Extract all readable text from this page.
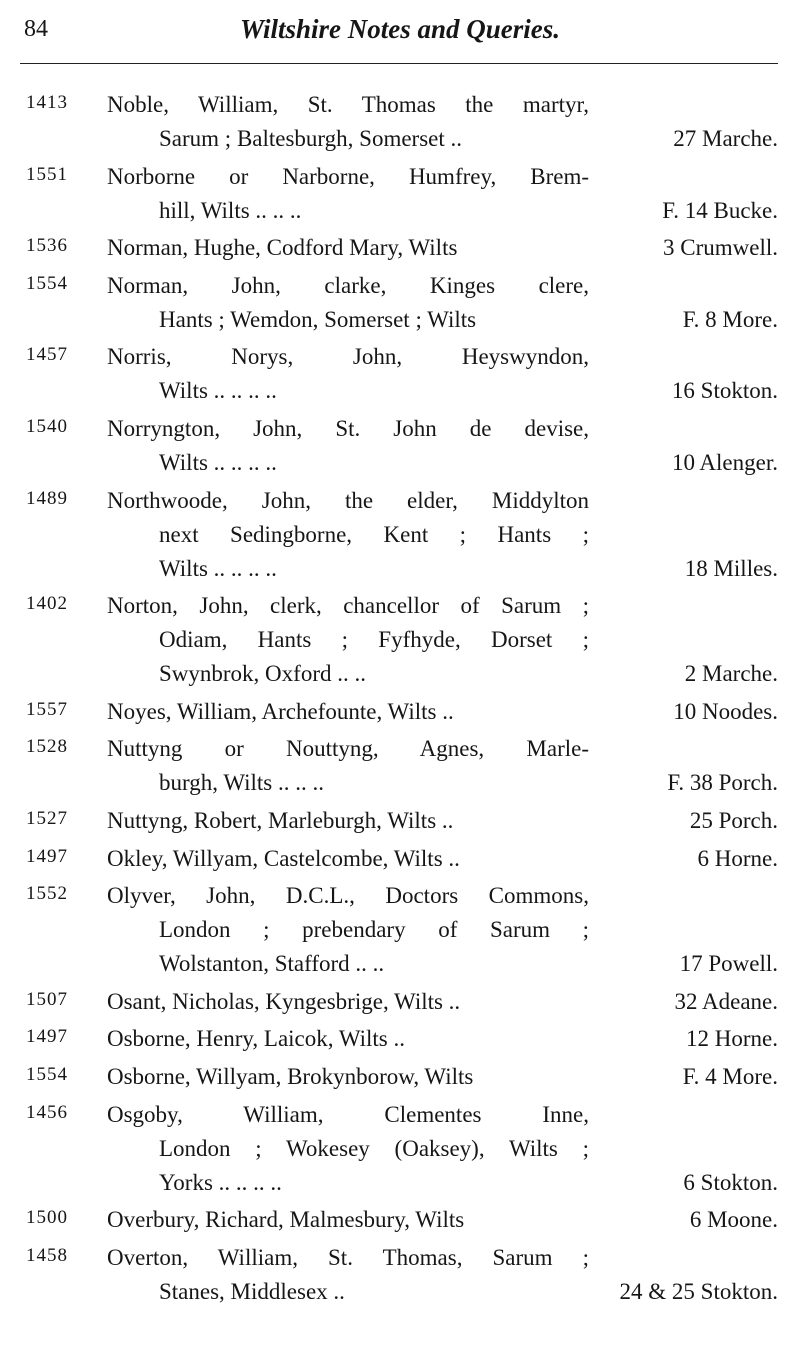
84	Wiltshire Notes and Queries.
1413 Noble, William, St. Thomas the martyr,
Sarum ; Baltesburgh, Somerset ..	27 Marche.
1551 Norborne or Narborne, Humfrey, Brem-
hill, Wilts .. .. ..	F. 14 Bucke.
1536 Norman, Hughe, Codford Mary, Wilts	3 Crumwell.
1554 Norman, John, clarke, Kinges clere,
Hants ; Wemdon, Somerset ; Wilts	F. 8 More.
1457 Norris, Norys, John, Heyswyndon,
Wilts .. .. .. ..	16 Stokton.
1540 Norryngton, John, St. John de devise,
Wilts .. .. .. ..	10 Alenger.
1489 Northwoode, John, the elder, Middylton
next Sedingborne, Kent ; Hants ;
Wilts .. .. .. ..	18 Milles.
1402 Norton, John, clerk, chancellor of Sarum ;
Odiam, Hants ; Fyfhyde, Dorset ;
Swynbrok, Oxford .. ..	2 Marche.
1557 Noyes, William, Archefounte, Wilts ..	10 Noodes.
1528 Nuttyng or Nouttyng, Agnes, Marle-
burgh, Wilts .. .. ..	F. 38 Porch.
1527 Nuttyng, Robert, Marleburgh, Wilts ..	25 Porch.
1497 Okley, Willyam, Castelcombe, Wilts ..	6 Horne.
1552 Olyver, John, D.C.L., Doctors Commons,
London ; prebendary of Sarum ;
Wolstanton, Stafford .. ..	17 Powell.
1507 Osant, Nicholas, Kyngesbrige, Wilts ..	32 Adeane.
1497 Osborne, Henry, Laicok, Wilts ..	12 Horne.
1554 Osborne, Willyam, Brokynborow, Wilts	F. 4 More.
1456 Osgoby, William, Clementes Inne,
London ; Wokesey (Oaksey), Wilts ;
Yorks .. .. .. ..	6 Stokton.
1500 Overbury, Richard, Malmesbury, Wilts	6 Moone.
1458 Overton, William, St. Thomas, Sarum ;
Stanes, Middlesex ..	24 & 25 Stokton.
